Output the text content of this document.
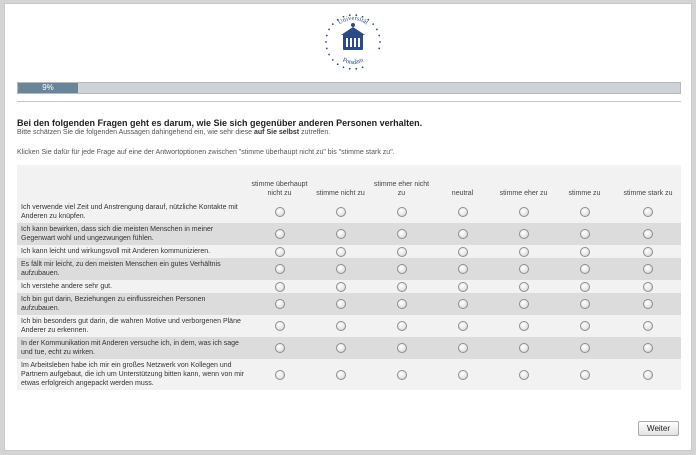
Universität
Potsdam
9%
Bei den folgenden Fragen geht es darum, wie Sie sich gegenüber anderen Personen verhalten.
Bitte schätzen Sie die folgenden Aussagen dahingehend ein, wie sehr diese auf Sie selbst zutreffen.
Klicken Sie dafür für jede Frage auf eine der Antwortoptionen zwischen "stimme überhaupt nicht zu" bis "stimme stark zu".
	stimme überhaupt nicht zu	stimme nicht zu	stimme eher nicht zu	neutral	stimme eher zu	stimme zu	stimme stark zu
Ich verwende viel Zeit und Anstrengung darauf, nützliche Kontakte mit Anderen zu knüpfen.							
Ich kann bewirken, dass sich die meisten Menschen in meiner Gegenwart wohl und ungezwungen fühlen.							
Ich kann leicht und wirkungsvoll mit Anderen kommunizieren.							
Es fällt mir leicht, zu den meisten Menschen ein gutes Verhältnis aufzubauen.							
Ich verstehe andere sehr gut.							
Ich bin gut darin, Beziehungen zu einflussreichen Personen aufzubauen.							
Ich bin besonders gut darin, die wahren Motive und verborgenen Pläne Anderer zu erkennen.							
In der Kommunikation mit Anderen versuche ich, in dem, was ich sage und tue, echt zu wirken.							
Im Arbeitsleben habe ich mir ein großes Netzwerk von Kollegen und Partnern aufgebaut, die ich um Unterstützung bitten kann, wenn von mir etwas erfolgreich angepackt werden muss.							
Weiter
